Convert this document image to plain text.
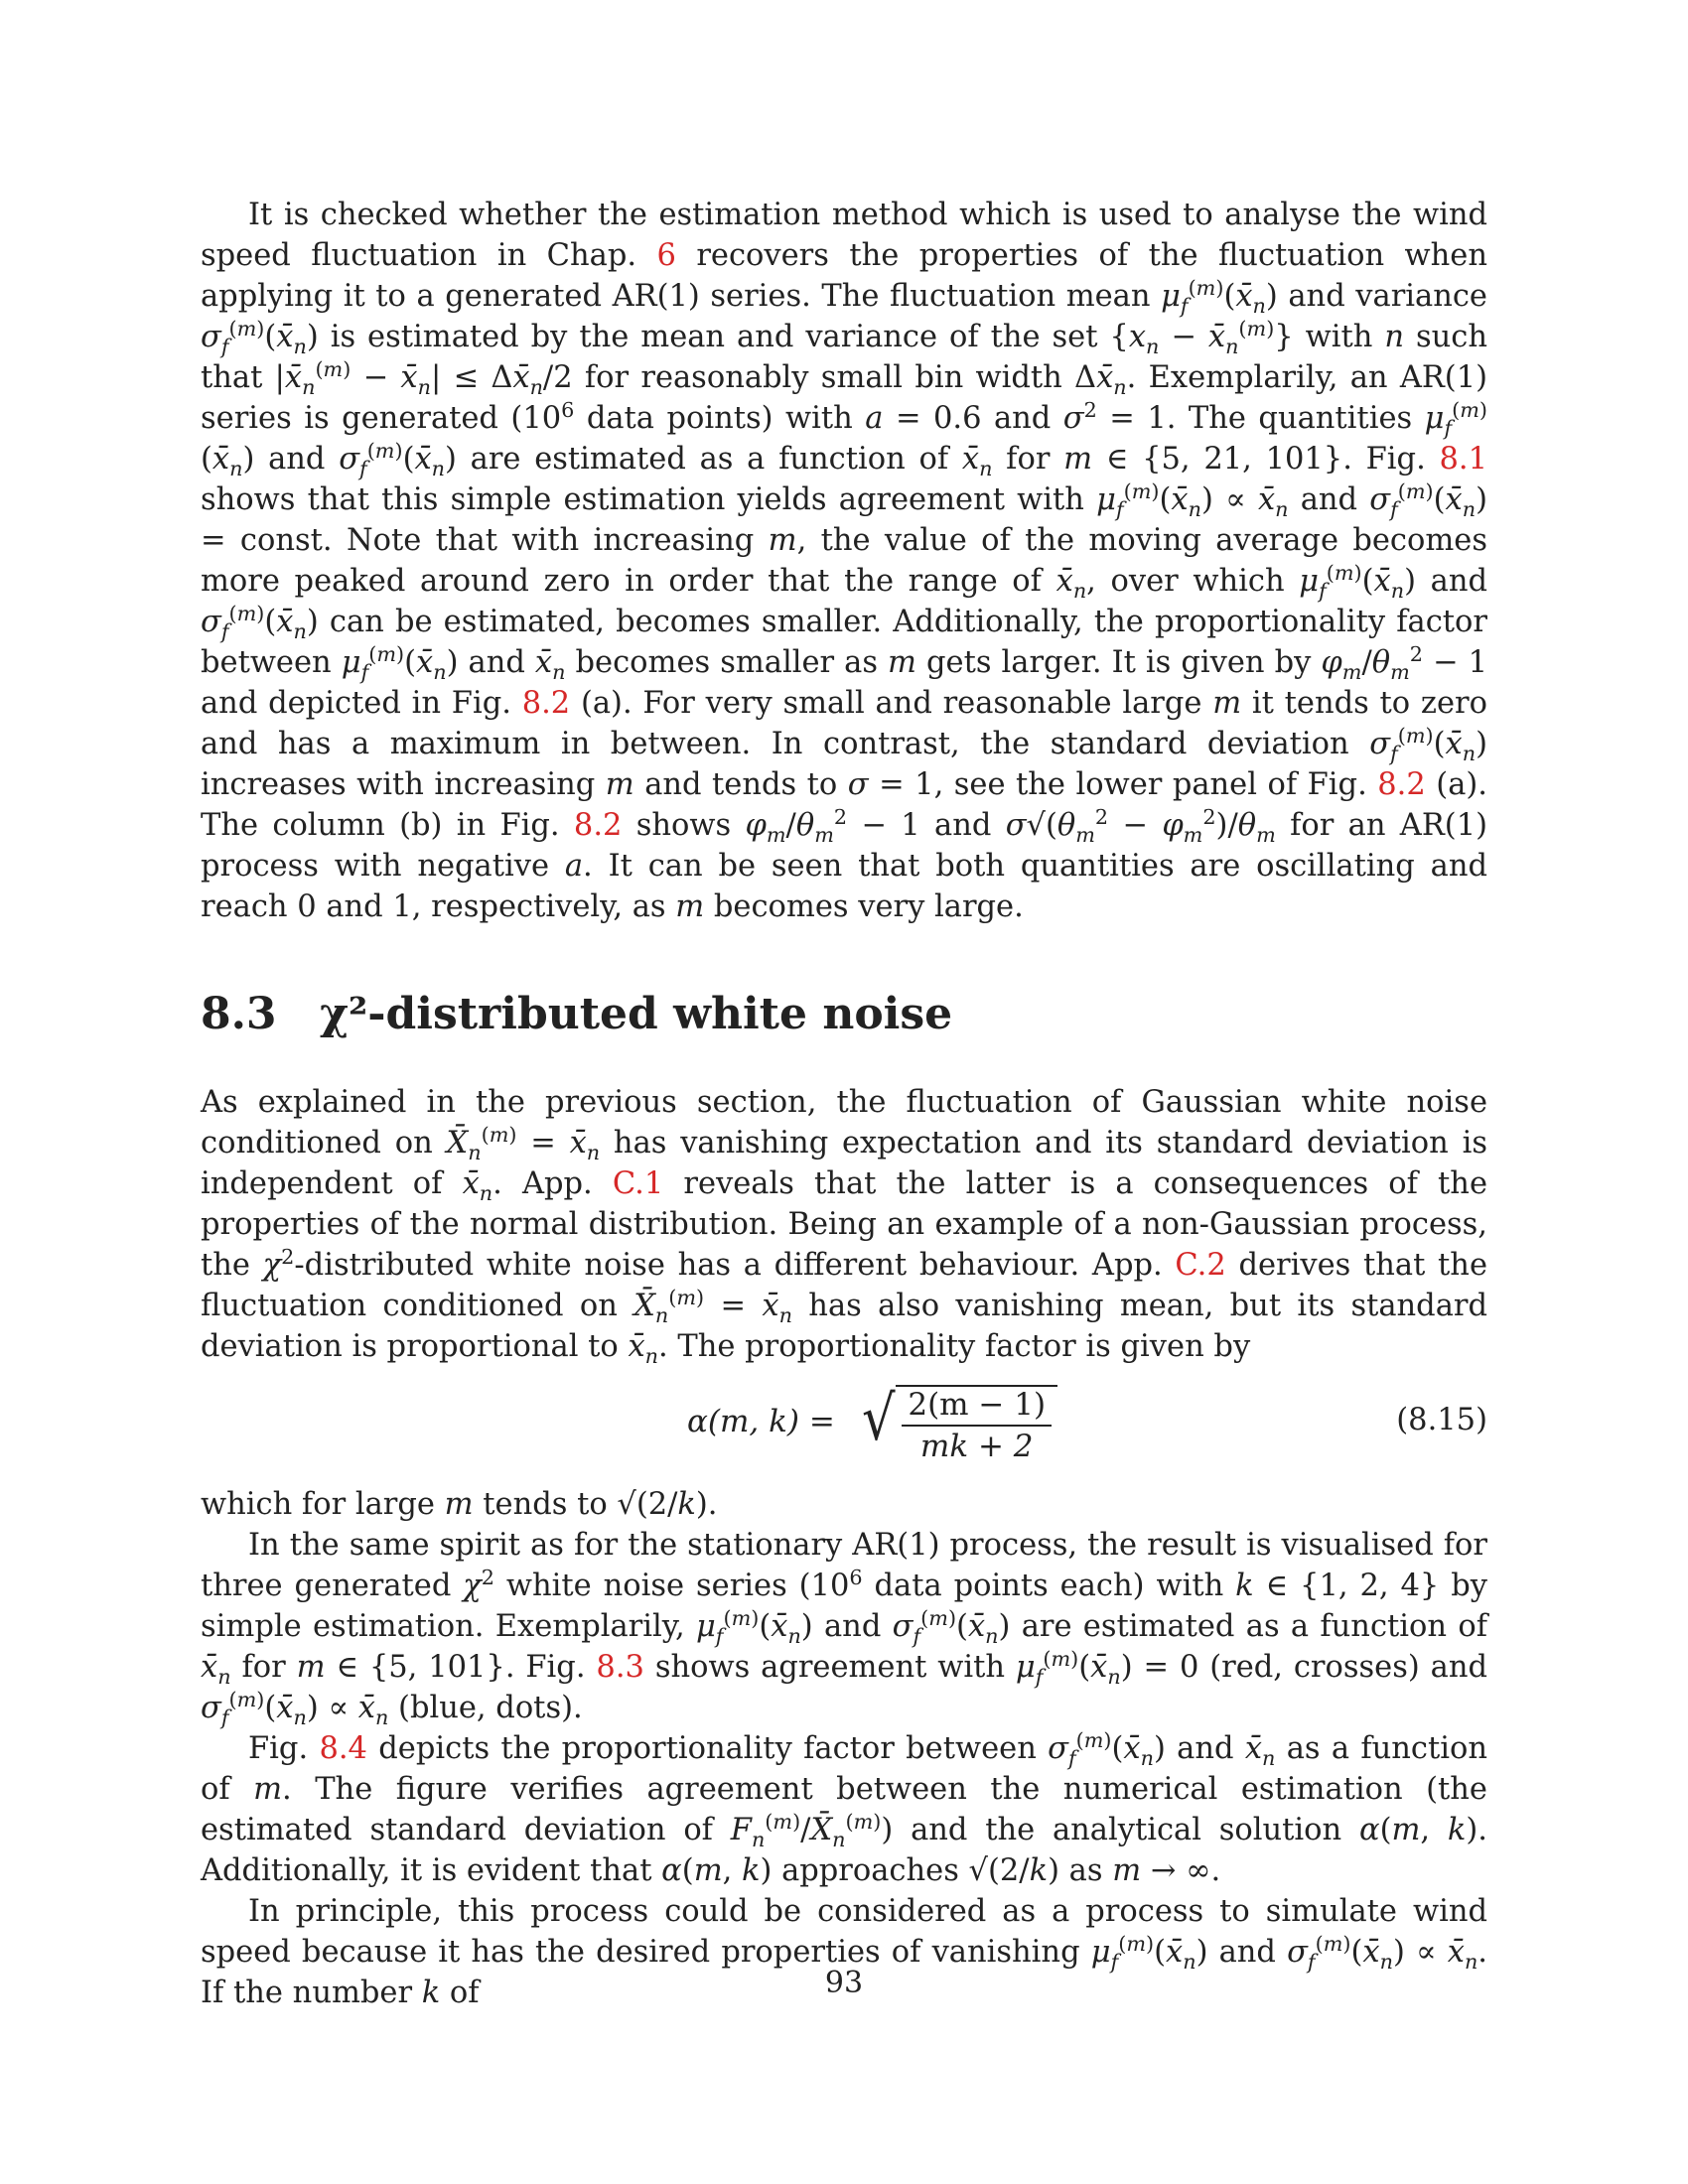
It is checked whether the estimation method which is used to analyse the wind speed fluctuation in Chap. 6 recovers the properties of the fluctuation when applying it to a generated AR(1) series. The fluctuation mean $\mu_f^{(m)}(x̄_n)$ and variance $\sigma_f^{(m)}(x̄_n)$ is estimated by the mean and variance of the set {$x_n$ − $x̄_n^{(m)}$} with n such that $|x̄_n^{(m)}$ − $x̄_n|$ ≤ $\Delta x̄_n/2$ for reasonably small bin width $\Delta x̄_n$. Exemplarily, an AR(1) series is generated ($10^6$ data points) with a = 0.6 and $\sigma^2 = 1$. The quantities $\mu_f^{(m)}(x̄_n)$ and $\sigma_f^{(m)}(x̄_n)$ are estimated as a function of $x̄_n$ for m ∈ {5, 21, 101}. Fig. 8.1 shows that this simple estimation yields agreement with $\mu_f^{(m)}(x̄_n)$ ∝ $x̄_n$ and $\sigma_f^{(m)}(x̄_n)$ = const. Note that with increasing m, the value of the moving average becomes more peaked around zero in order that the range of $x̄_n$, over which $\mu_f^{(m)}(x̄_n)$ and $\sigma_f^{(m)}(x̄_n)$ can be estimated, becomes smaller. Additionally, the proportionality factor between $\mu_f^{(m)}(x̄_n)$ and $x̄_n$ becomes smaller as m gets larger. It is given by $\varphi_m/\theta_m^2 - 1$ and depicted in Fig. 8.2 (a). For very small and reasonable large m it tends to zero and has a maximum in between. In contrast, the standard deviation $\sigma_f^{(m)}(x̄_n)$ increases with increasing m and tends to σ = 1, see the lower panel of Fig. 8.2 (a). The column (b) in Fig. 8.2 shows $\varphi_m/\theta_m^2 - 1$ and $\sigma√(\theta_m^2 - \varphi_m^2)/\theta_m$ for an AR(1) process with negative a. It can be seen that both quantities are oscillating and reach 0 and 1, respectively, as m becomes very large.

8.3 χ²-distributed white noise

As explained in the previous section, the fluctuation of Gaussian white noise conditioned on $X̄_n^{(m)}$ = $x̄_n$ has vanishing expectation and its standard deviation is independent of $x̄_n$. App. C.1 reveals that the latter is a consequences of the properties of the normal distribution. Being an example of a non-Gaussian process, the $\chi^2$-distributed white noise has a different behaviour. App. C.2 derives that the fluctuation conditioned on $X̄_n^{(m)}$ = $x̄_n$ has also vanishing mean, but its standard deviation is proportional to $x̄_n$. The proportionality factor is given by

α(m, k) = √ $\frac{2(m - 1)}{mk + 2}$	(8.15)

which for large m tends to √(2/k).

In the same spirit as for the stationary AR(1) process, the result is visualised for three generated $\chi^2$ white noise series ($10^6$ data points each) with k ∈ {1, 2, 4} by simple estimation. Exemplarily, $\mu_f^{(m)}(x̄_n)$ and $\sigma_f^{(m)}(x̄_n)$ are estimated as a function of $x̄_n$ for m ∈ {5, 101}. Fig. 8.3 shows agreement with $\mu_f^{(m)}(x̄_n) = 0$ (red, crosses) and $\sigma_f^{(m)}(x̄_n)$ ∝ $x̄_n$ (blue, dots).

Fig. 8.4 depicts the proportionality factor between $\sigma_f^{(m)}(x̄_n)$ and $x̄_n$ as a function of m. The figure verifies agreement between the numerical estimation (the estimated standard deviation of $F_n^{(m)}/X̄_n^{(m)}$) and the analytical solution α(m, k). Additionally, it is evident that α(m, k) approaches √(2/k) as m → ∞.

In principle, this process could be considered as a process to simulate wind speed because it has the desired properties of vanishing $\mu_f^{(m)}(x̄_n)$ and $\sigma_f^{(m)}(x̄_n)$ ∝ $x̄_n$. If the number k of	93
